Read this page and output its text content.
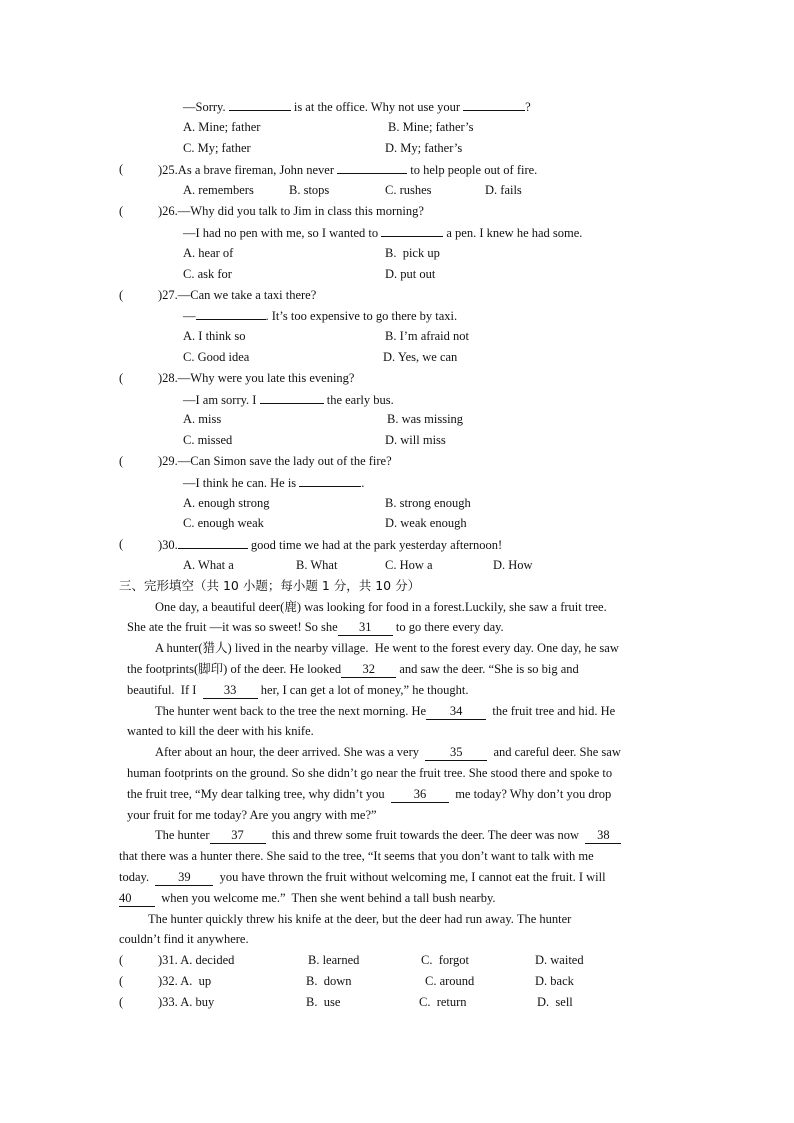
—Sorry.	is at the office. Why not use your	?
A. Mine; father	B. Mine; father’s
C. My; father	D. My; father’s
(	)25.As a brave fireman, John never	to help people out of fire.
A. remembers	B. stops	C. rushes	D. fails
(	)26.—Why did you talk to Jim in class this morning?
—I had no pen with me, so I wanted to	a pen. I knew he had some.
A. hear of	B.  pick up
C. ask for	D. put out
(	)27.—Can we take a taxi there?
—	. It’s too expensive to go there by taxi.
A. I think so	B. I’m afraid not
C. Good idea	D. Yes, we can
(	)28.—Why were you late this evening?
—I am sorry. I	the early bus.
A. miss	B. was missing
C. missed	D. will miss
(	)29.—Can Simon save the lady out of the fire?
—I think he can. He is	.
A. enough strong	B. strong enough
C. enough weak	D. weak enough
(	)30.	good time we had at the park yesterday afternoon!
A. What a	B. What	C. How a	D. How
三、完形填空（共 10 小题；每小题 1 分，共 10 分）
One day, a beautiful deer(鹿) was looking for food in a forest.Luckily, she saw a fruit tree.
She ate the fruit —it was so sweet! So she 31 to go there every day.
A hunter(猎人) lived in the nearby village.  He went to the forest every day. One day, he saw
the footprints(脚印) of the deer. He looked 32 and saw the deer. “She is so big and
beautiful.  If I  33 her, I can get a lot of money,” he thought.
The hunter went back to the tree the next morning. He 34  the fruit tree and hid. He
wanted to kill the deer with his knife.
After about an hour, the deer arrived. She was a very  35  and careful deer. She saw
human footprints on the ground. So she didn’t go near the fruit tree. She stood there and spoke to
the fruit tree, “My dear talking tree, why didn’t you  36  me today? Why don’t you drop
your fruit for me today? Are you angry with me?”
The hunter 37  this and threw some fruit towards the deer. The deer was now  38
that there was a hunter there. She said to the tree, “It seems that you don’t want to talk with me
today.  39  you have thrown the fruit without welcoming me, I cannot eat the fruit. I will
40  when you welcome me.”  Then she went behind a tall bush nearby.
The hunter quickly threw his knife at the deer, but the deer had run away. The hunter
couldn’t find it anywhere.
(	)31. A. decided	B. learned	C.  forgot	D. waited
(	)32. A.  up	B.  down	C. around	D. back
(	)33. A. buy	B.  use	C.  return	D.  sell
